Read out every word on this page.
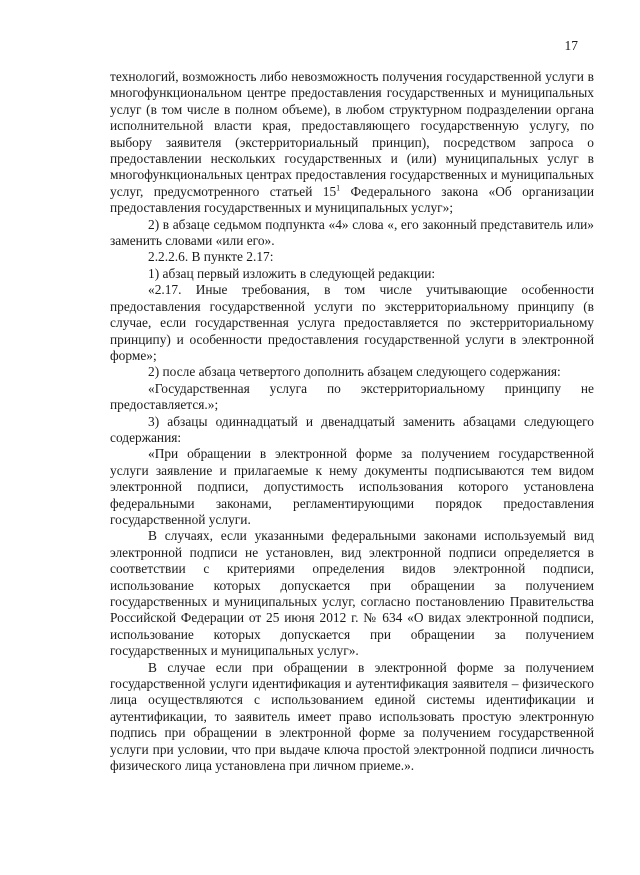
17

технологий, возможность либо невозможность получения государственной услуги в многофункциональном центре предоставления государственных и муниципальных услуг (в том числе в полном объеме), в любом структурном подразделении органа исполнительной власти края, предоставляющего государственную услугу, по выбору заявителя (экстерриториальный принцип), посредством запроса о предоставлении нескольких государственных и (или) муниципальных услуг в многофункциональных центрах предоставления государственных и муниципальных услуг, предусмотренного статьей $15^1$ Федерального закона «Об организации предоставления государственных и муниципальных услуг»;

2) в абзаце седьмом подпункта «4» слова «, его законный представитель или» заменить словами «или его».

2.2.2.6. В пункте 2.17:

1) абзац первый изложить в следующей редакции:

«2.17. Иные требования, в том числе учитывающие особенности предоставления государственной услуги по экстерриториальному принципу (в случае, если государственная услуга предоставляется по экстерриториальному принципу) и особенности предоставления государственной услуги в электронной форме»;

2) после абзаца четвертого дополнить абзацем следующего содержания:

«Государственная услуга по экстерриториальному принципу не предоставляется.»;

3) абзацы одиннадцатый и двенадцатый заменить абзацами следующего содержания:

«При обращении в электронной форме за получением государственной услуги заявление и прилагаемые к нему документы подписываются тем видом электронной подписи, допустимость использования которого установлена федеральными законами, регламентирующими порядок предоставления государственной услуги.

В случаях, если указанными федеральными законами используемый вид электронной подписи не установлен, вид электронной подписи определяется в соответствии с критериями определения видов электронной подписи, использование которых допускается при обращении за получением государственных и муниципальных услуг, согласно постановлению Правительства Российской Федерации от 25 июня 2012 г. № 634 «О видах электронной подписи, использование которых допускается при обращении за получением государственных и муниципальных услуг».

В случае если при обращении в электронной форме за получением государственной услуги идентификация и аутентификация заявителя – физического лица осуществляются с использованием единой системы идентификации и аутентификации, то заявитель имеет право использовать простую электронную подпись при обращении в электронной форме за получением государственной услуги при условии, что при выдаче ключа простой электронной подписи личность физического лица установлена при личном приеме.».
